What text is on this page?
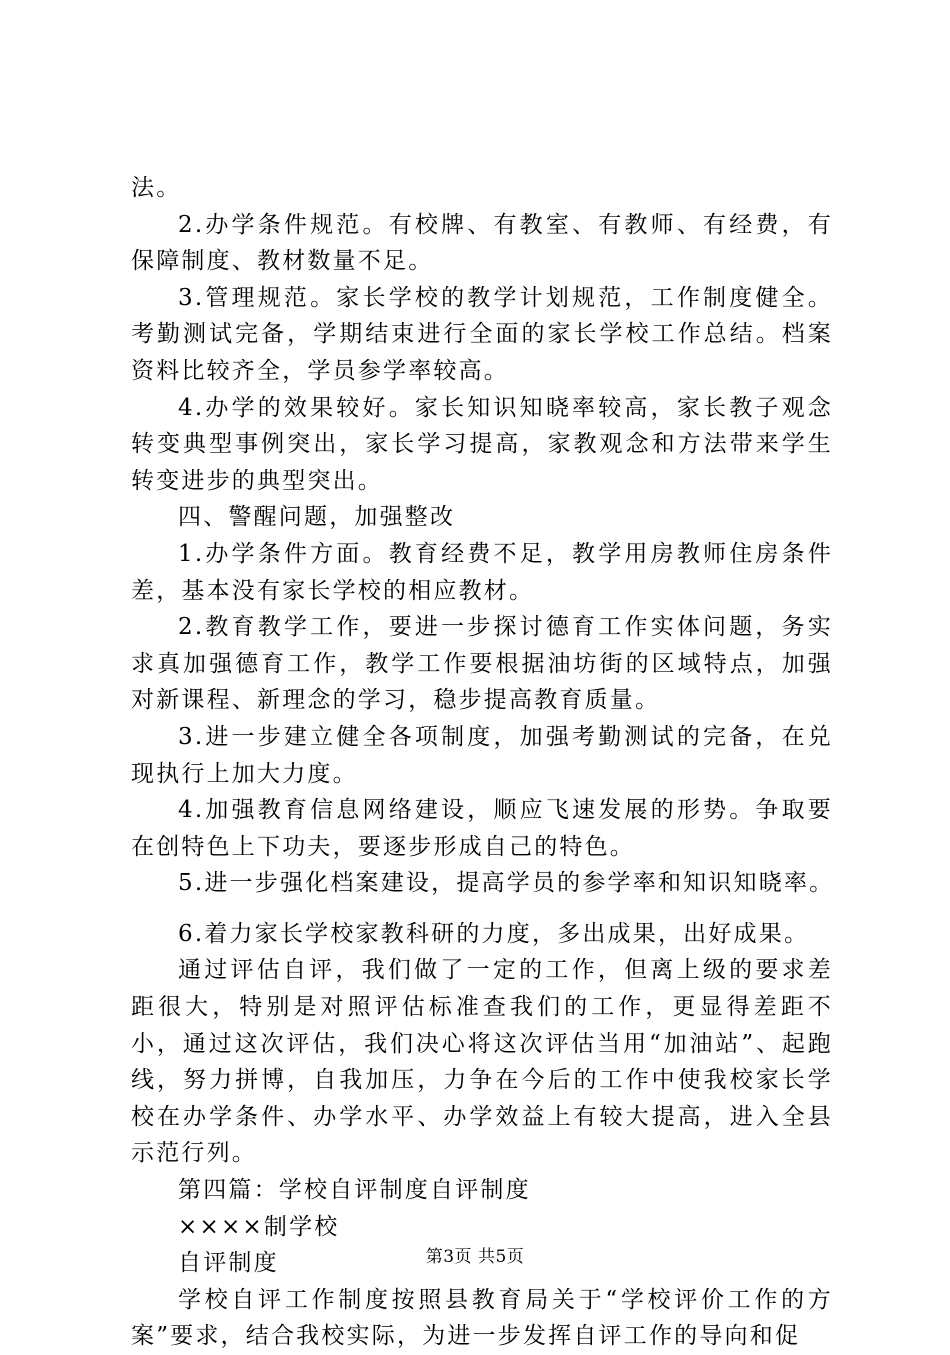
法。

2.办学条件规范。有校牌、有教室、有教师、有经费，有保障制度、教材数量不足。

3.管理规范。家长学校的教学计划规范，工作制度健全。考勤测试完备，学期结束进行全面的家长学校工作总结。档案资料比较齐全，学员参学率较高。

4.办学的效果较好。家长知识知晓率较高，家长教子观念转变典型事例突出，家长学习提高，家教观念和方法带来学生转变进步的典型突出。

四、警醒问题，加强整改

1.办学条件方面。教育经费不足，教学用房教师住房条件差，基本没有家长学校的相应教材。

2.教育教学工作，要进一步探讨德育工作实体问题，务实求真加强德育工作，教学工作要根据油坊街的区域特点，加强对新课程、新理念的学习，稳步提高教育质量。

3.进一步建立健全各项制度，加强考勤测试的完备，在兑现执行上加大力度。

4.加强教育信息网络建设，顺应飞速发展的形势。争取要在创特色上下功夫，要逐步形成自己的特色。

5.进一步强化档案建设，提高学员的参学率和知识知晓率。

6.着力家长学校家教科研的力度，多出成果，出好成果。

通过评估自评，我们做了一定的工作，但离上级的要求差距很大，特别是对照评估标准查我们的工作，更显得差距不小，通过这次评估，我们决心将这次评估当用“加油站”、起跑线，努力拼博，自我加压，力争在今后的工作中使我校家长学校在办学条件、办学水平、办学效益上有较大提高，进入全县示范行列。

第四篇：学校自评制度自评制度

××××制学校

自评制度

学校自评工作制度按照县教育局关于“学校评价工作的方案”要求，结合我校实际，为进一步发挥自评工作的导向和促

第3页 共5页
